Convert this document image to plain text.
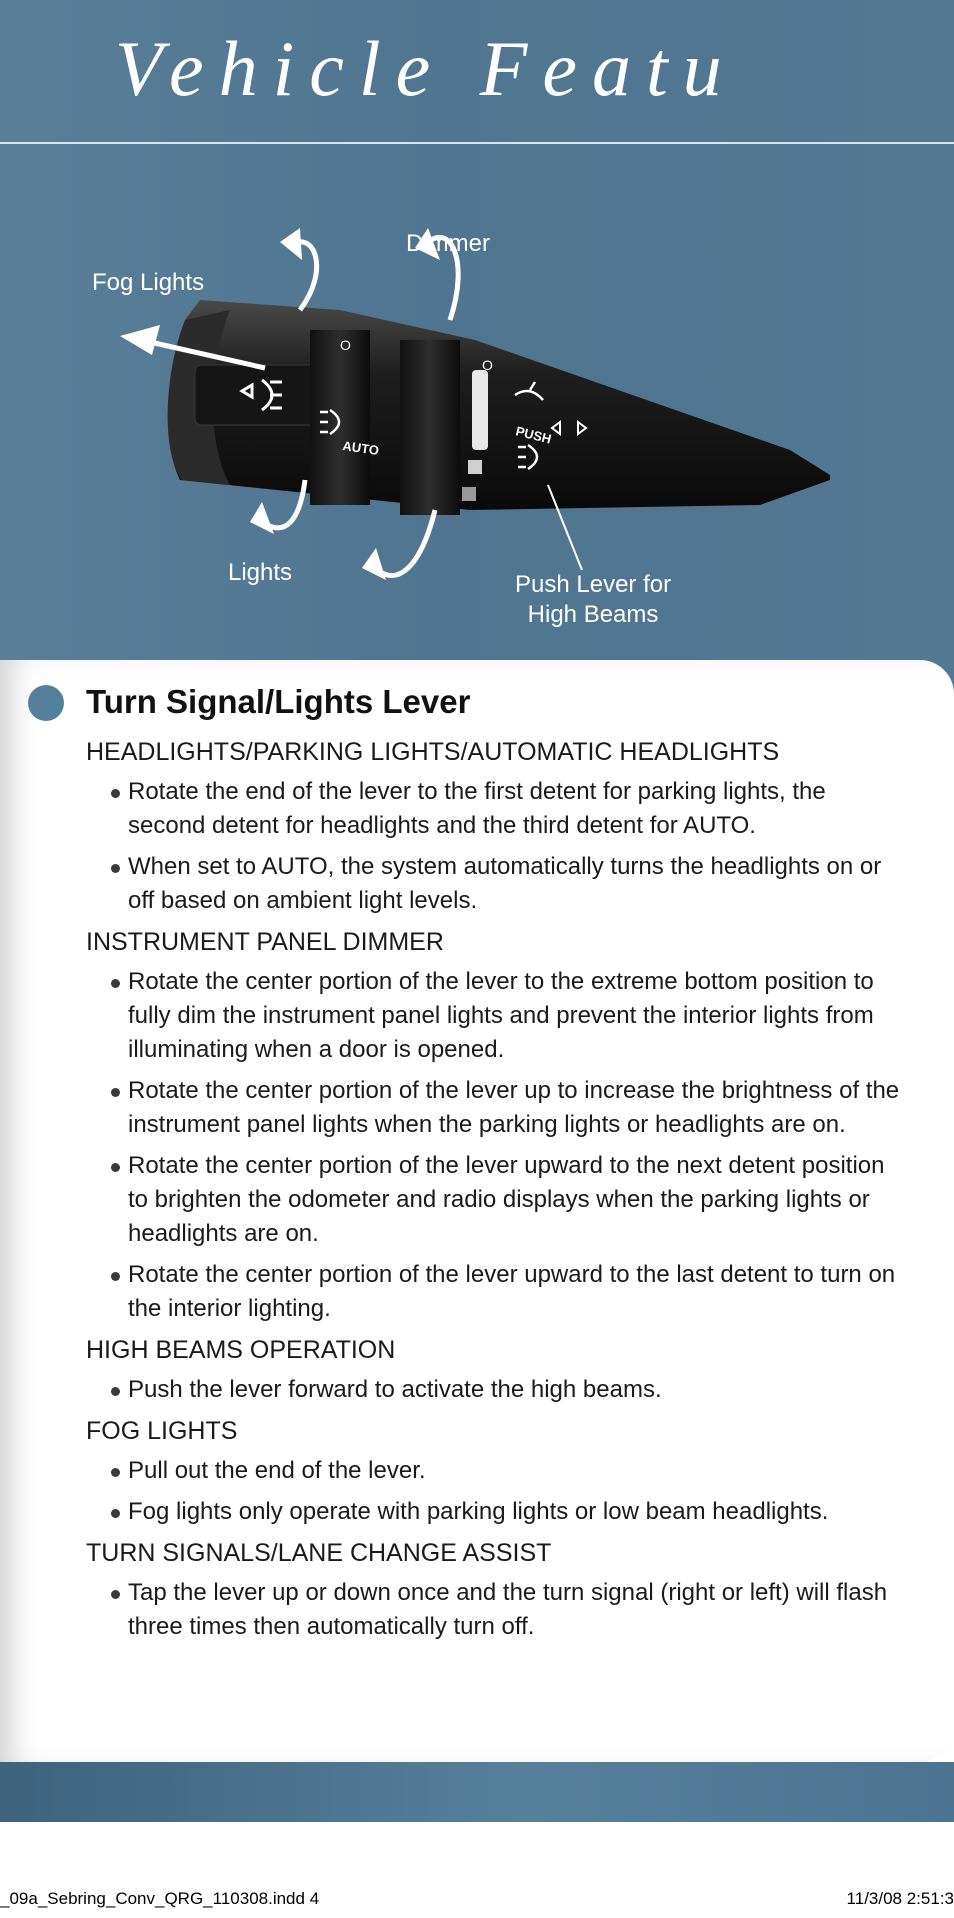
Vehicle Featu
AUTO
PUSH
O
O
Fog Lights
Dimmer
Lights	Push Lever for
High Beams
Turn Signal/Lights Lever
HEADLIGHTS/PARKING LIGHTS/AUTOMATIC HEADLIGHTS
Rotate the end of the lever to the first detent for parking lights, the second detent for headlights and the third detent for AUTO.
When set to AUTO, the system automatically turns the headlights on or off based on ambient light levels.
INSTRUMENT PANEL DIMMER
Rotate the center portion of the lever to the extreme bottom position to fully dim the instrument panel lights and prevent the interior lights from illuminating when a door is opened.
Rotate the center portion of the lever up to increase the brightness of the instrument panel lights when the parking lights or headlights are on.
Rotate the center portion of the lever upward to the next detent position to brighten the odometer and radio displays when the parking lights or headlights are on.
Rotate the center portion of the lever upward to the last detent to turn on the interior lighting.
HIGH BEAMS OPERATION
Push the lever forward to activate the high beams.
FOG LIGHTS
Pull out the end of the lever.
Fog lights only operate with parking lights or low beam headlights.
TURN SIGNALS/LANE CHANGE ASSIST
Tap the lever up or down once and the turn signal (right or left) will flash three times then automatically turn off.
_09a_Sebring_Conv_QRG_110308.indd 4	11/3/08 2:51:3
